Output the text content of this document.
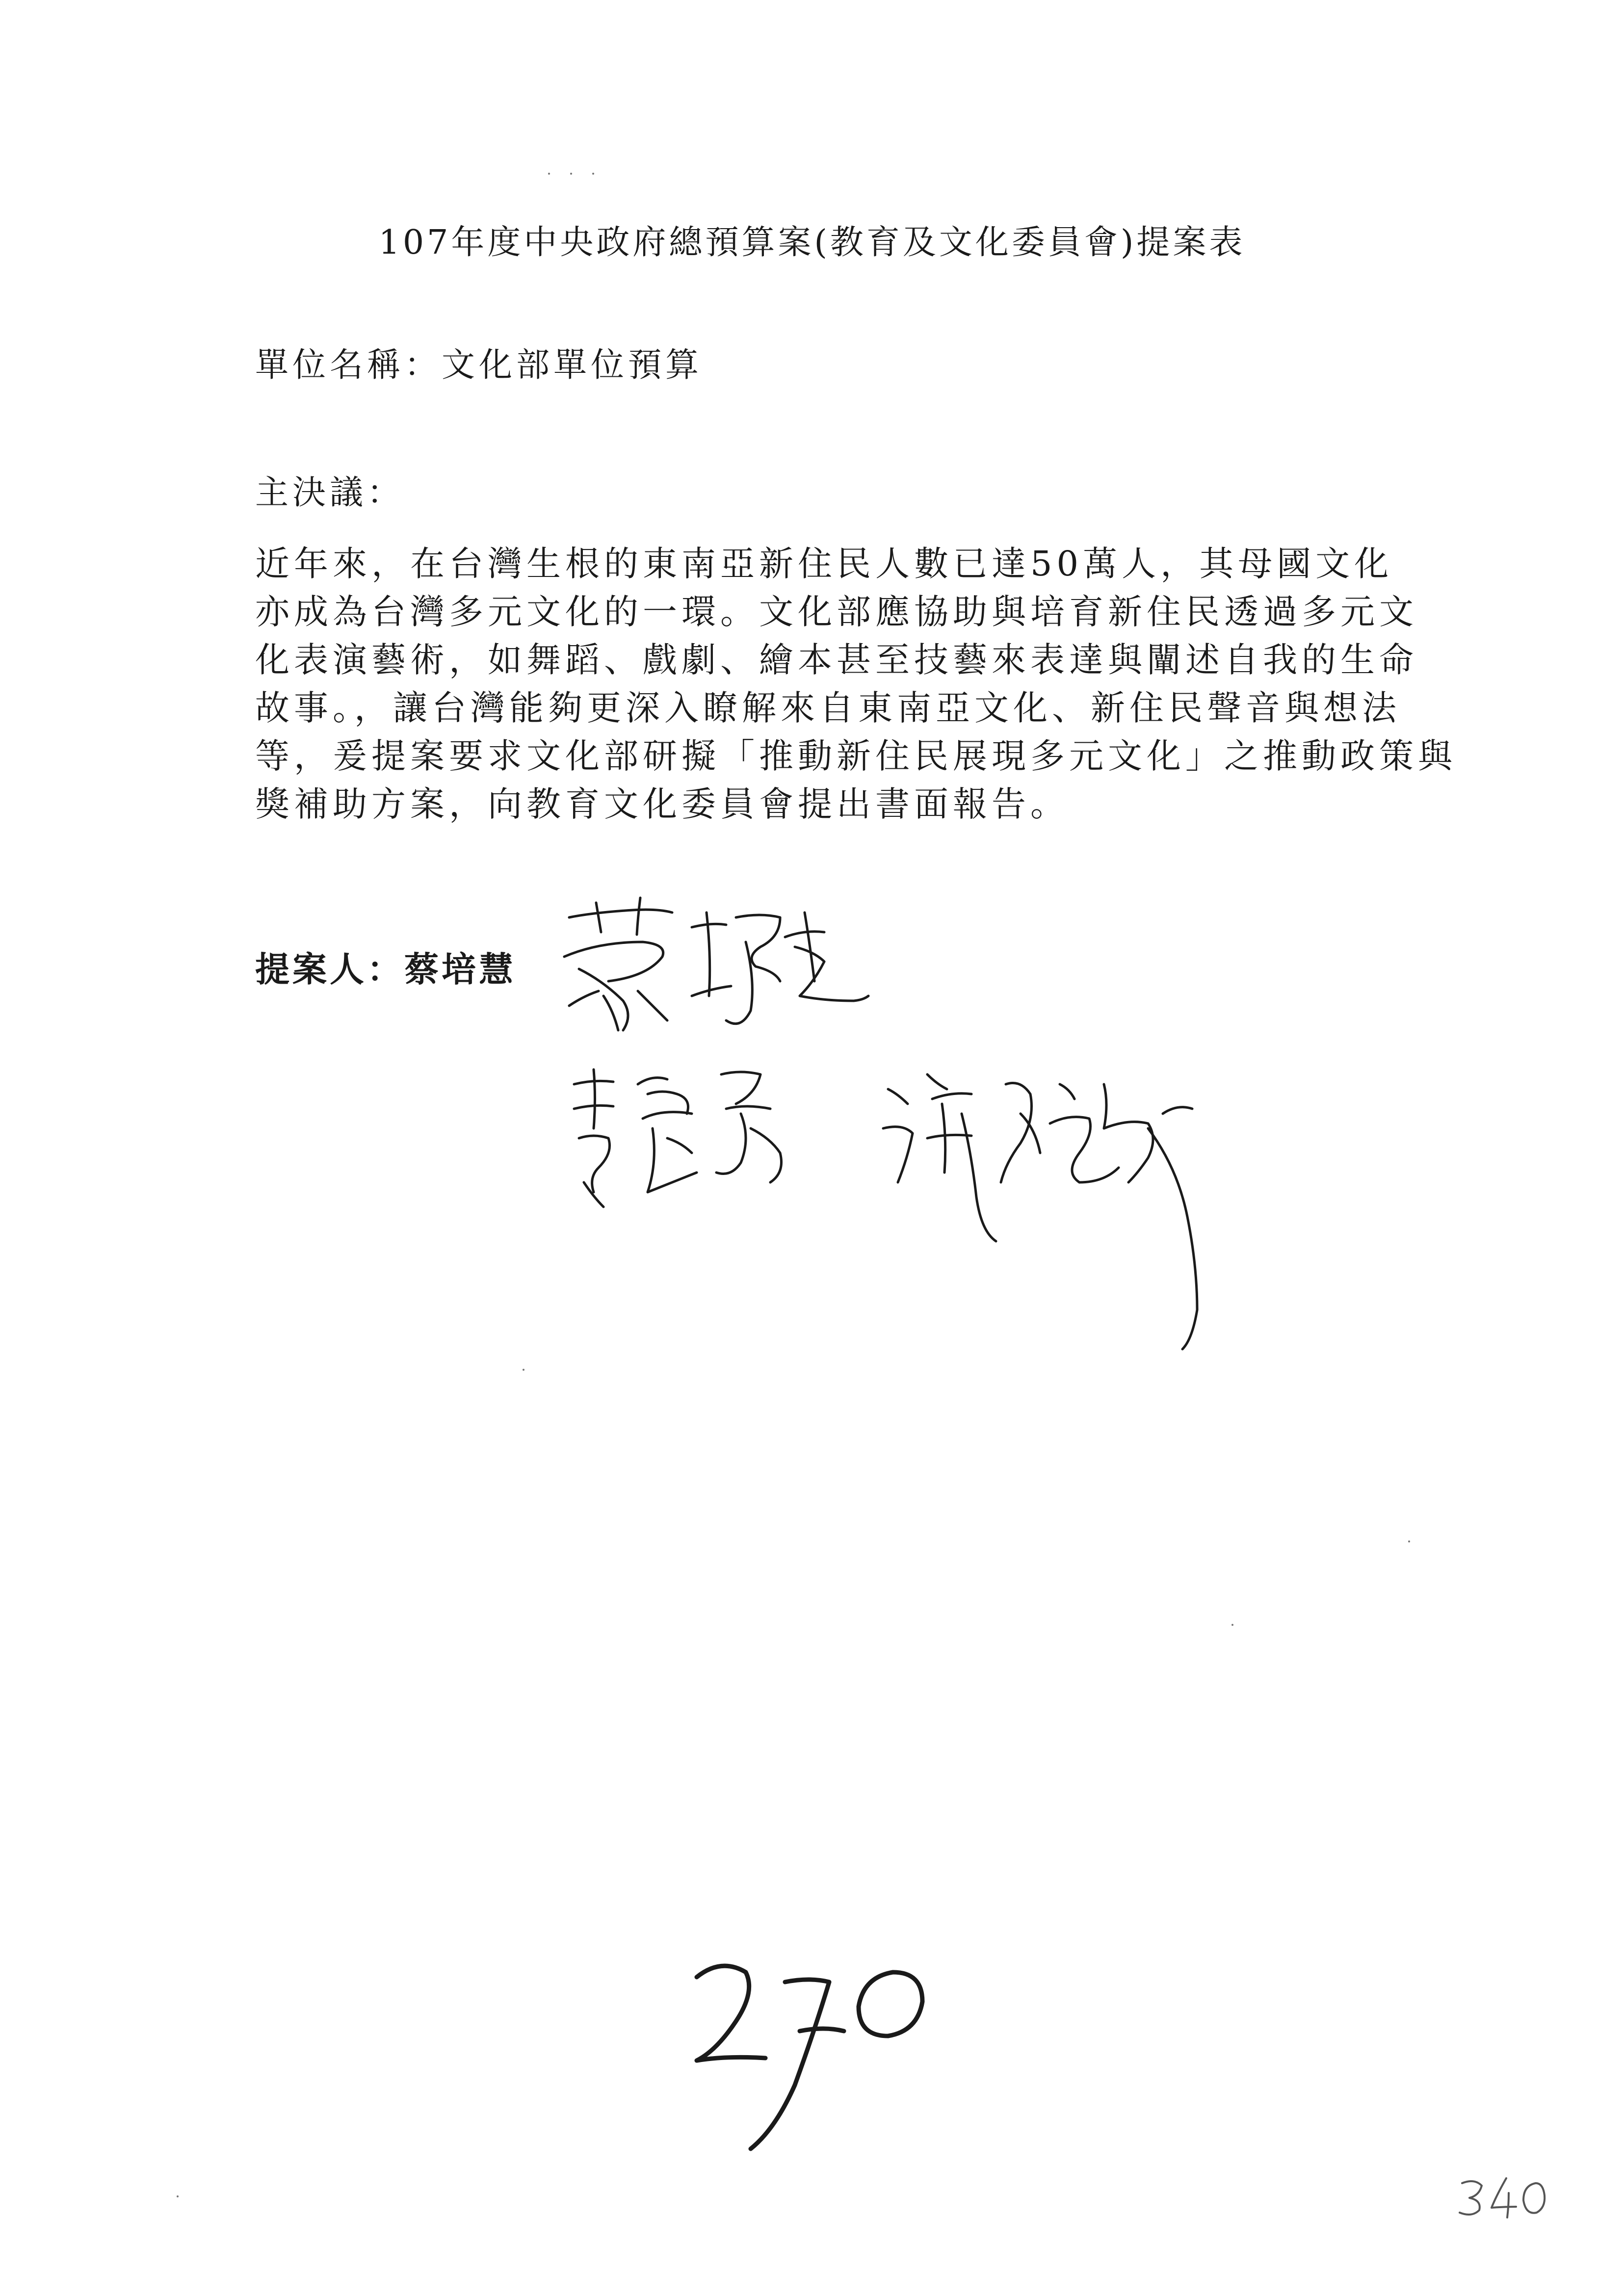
107年度中央政府總預算案(教育及文化委員會)提案表
單位名稱：文化部單位預算
主決議：
近年來，在台灣生根的東南亞新住民人數已達50萬人，其母國文化
亦成為台灣多元文化的一環。文化部應協助與培育新住民透過多元文
化表演藝術，如舞蹈、戲劇、繪本甚至技藝來表達與闡述自我的生命
故事。，讓台灣能夠更深入瞭解來自東南亞文化、新住民聲音與想法
等，爰提案要求文化部研擬「推動新住民展現多元文化」之推動政策與
獎補助方案，向教育文化委員會提出書面報告。
提案人：蔡培慧
